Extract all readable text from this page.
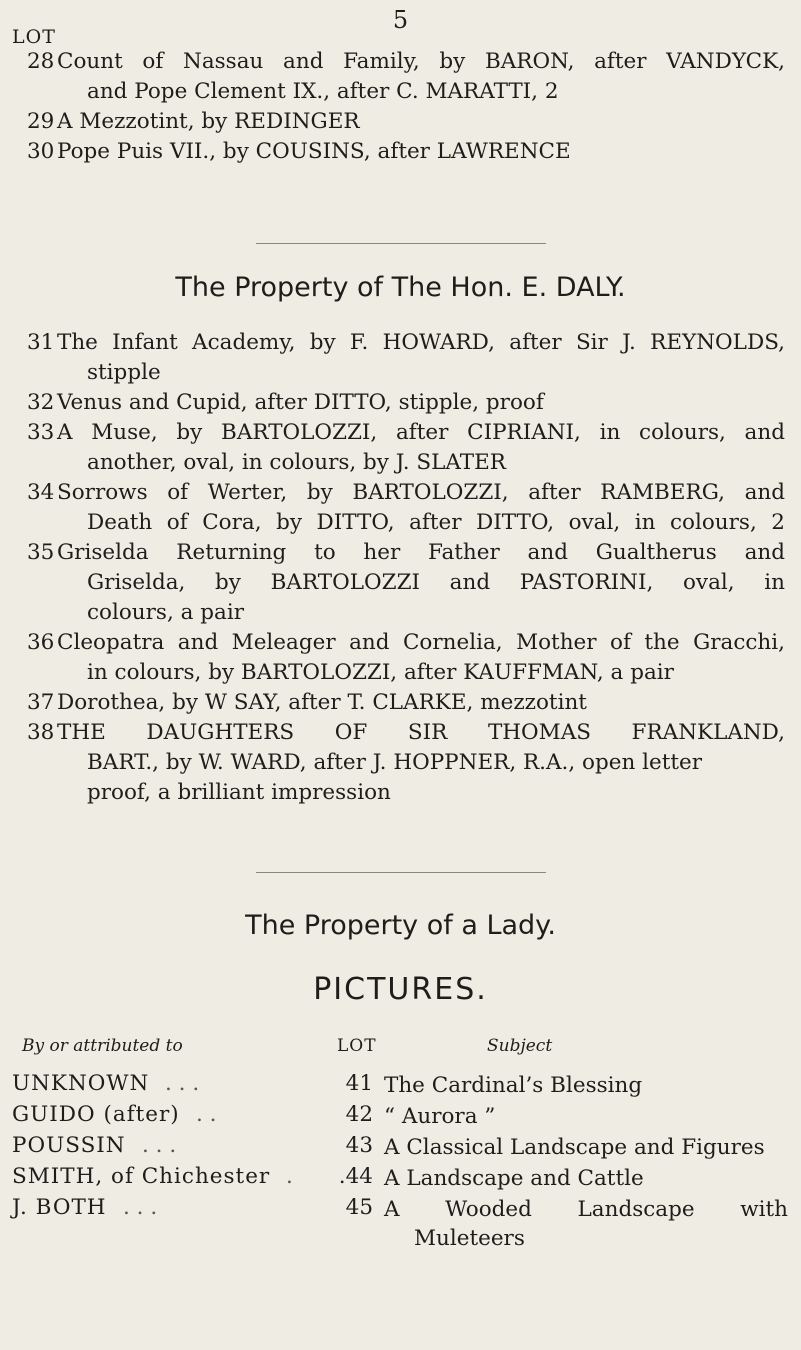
5
LOT
28 Count of Nassau and Family, by BARON, after VANDYCK,
and Pope Clement IX., after C. MARATTI, 2
29 A Mezzotint, by REDINGER
30 Pope Puis VII., by COUSINS, after LAWRENCE
The Property of The Hon. E. DALY.
31 The Infant Academy, by F. HOWARD, after Sir J. REYNOLDS,
stipple
32 Venus and Cupid, after DITTO, stipple, proof
33 A Muse, by BARTOLOZZI, after CIPRIANI, in colours, and
another, oval, in colours, by J. SLATER
34 Sorrows of Werter, by BARTOLOZZI, after RAMBERG, and
Death of Cora, by DITTO, after DITTO, oval, in colours, 2
35 Griselda Returning to her Father and Gualtherus and
Griselda, by BARTOLOZZI and PASTORINI, oval, in
colours, a pair
36 Cleopatra and Meleager and Cornelia, Mother of the Gracchi,
in colours, by BARTOLOZZI, after KAUFFMAN, a pair
37 Dorothea, by W SAY, after T. CLARKE, mezzotint
38 THE DAUGHTERS OF SIR THOMAS FRANKLAND,
BART., by W. WARD, after J. HOPPNER, R.A., open letter
proof, a brilliant impression
The Property of a Lady.
PICTURES.
By or attributed to	LOT	Subject
UNKNOWN . . .	41 The Cardinal’s Blessing
GUIDO (after) . .	42 “ Aurora ”
POUSSIN . . .	43 A Classical Landscape and Figures
SMITH, of Chichester .	.44 A Landscape and Cattle
J. BOTH . . .	45 A Wooded Landscape with
Muleteers
